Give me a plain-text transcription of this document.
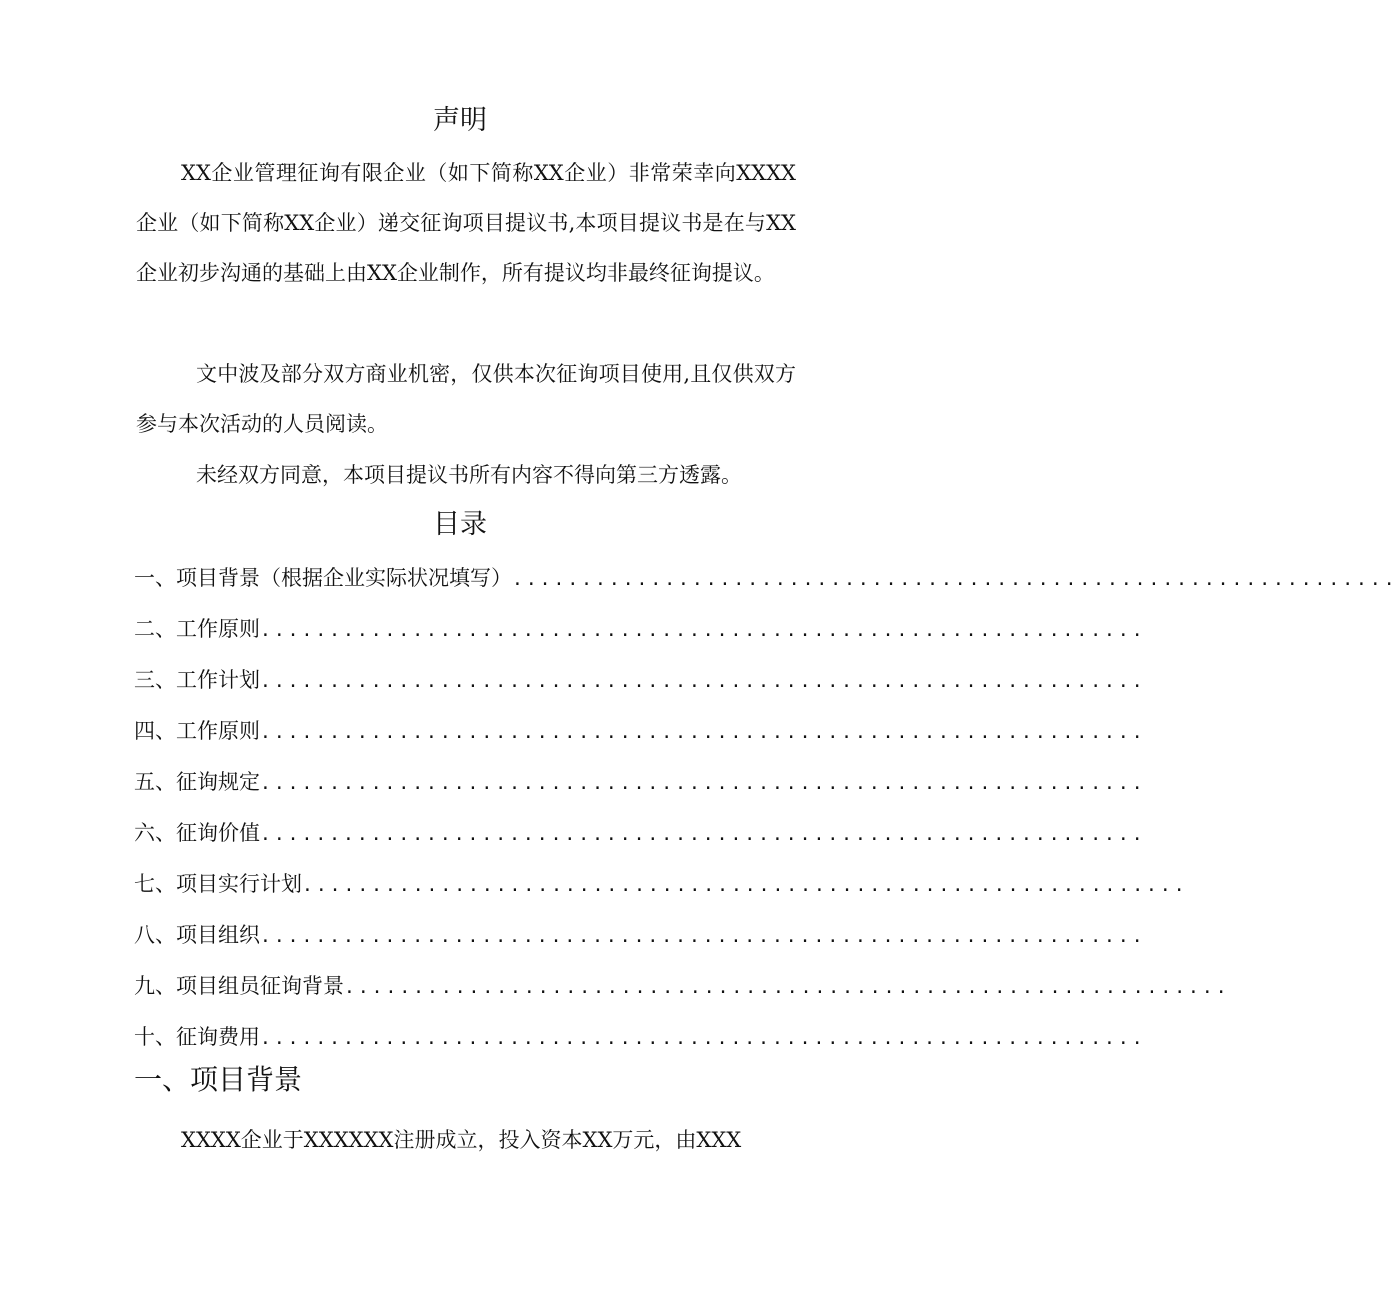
声明

XX企业管理征询有限企业（如下简称XX企业）非常荣幸向XXXX企业（如下简称XX企业）递交征询项目提议书,本项目提议书是在与XX企业初步沟通的基础上由XX企业制作，所有提议均非最终征询提议。

文中波及部分双方商业机密，仅供本次征询项目使用,且仅供双方参与本次活动的人员阅读。

未经双方同意，本项目提议书所有内容不得向第三方透露。

目录
一、项目背景（根据企业实际状况填写） ................................................................
二、工作原则 ................................................................
三、工作计划 ................................................................
四、工作原则 ................................................................
五、征询规定 ................................................................
六、征询价值 ................................................................
七、项目实行计划 ................................................................
八、项目组织 ................................................................
九、项目组员征询背景 ................................................................
十、征询费用 ................................................................
一、项目背景

XXXX企业于XXXXXX注册成立，投入资本XX万元，由XXX
